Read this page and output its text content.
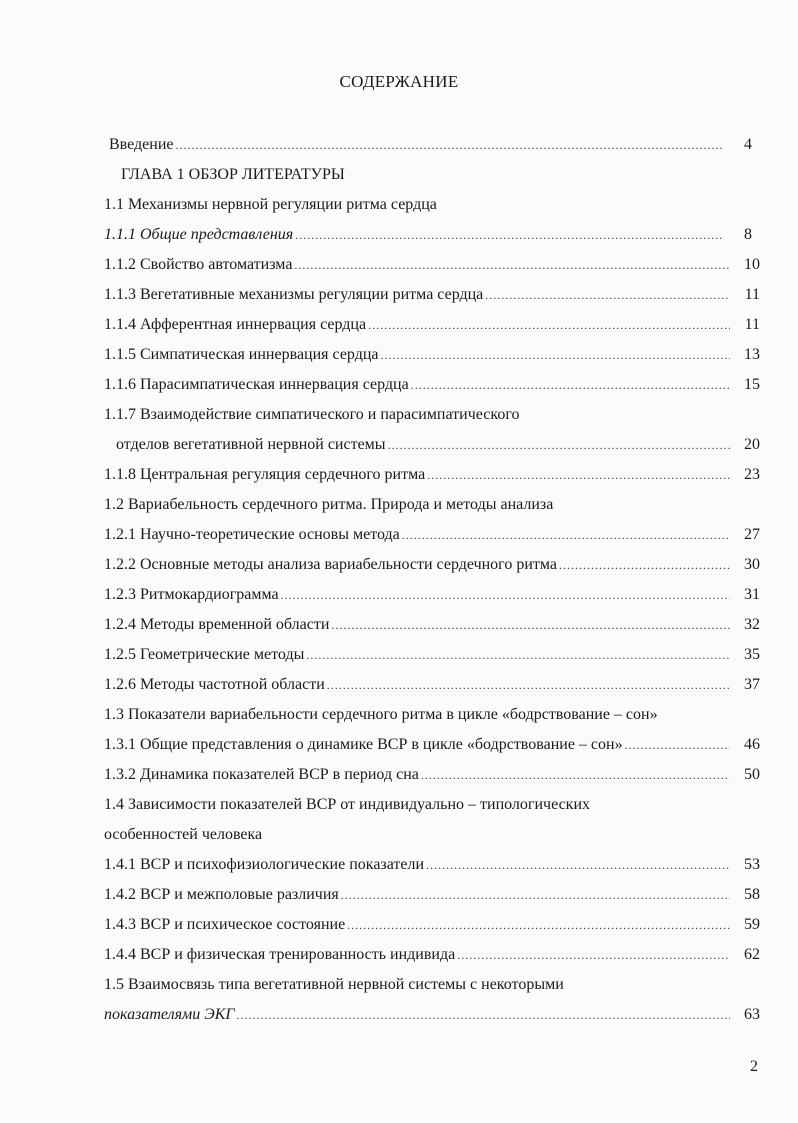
СОДЕРЖАНИЕ
Введение .....	4
ГЛАВА 1 ОБЗОР ЛИТЕРАТУРЫ
1.1 Механизмы нервной регуляции ритма сердца
1.1.1 Общие представления .....	8
1.1.2 Свойство автоматизма .....	10
1.1.3 Вегетативные механизмы регуляции ритма сердца .....	11
1.1.4 Афферентная иннервация сердца .....	11
1.1.5 Симпатическая иннервация сердца .....	13
1.1.6 Парасимпатическая иннервация сердца .....	15
1.1.7 Взаимодействие симпатического и парасимпатического
отделов вегетативной нервной системы .....	20
1.1.8 Центральная регуляция сердечного ритма .....	23
1.2 Вариабельность сердечного ритма. Природа и методы анализа
1.2.1 Научно-теоретические основы метода .....	27
1.2.2 Основные методы анализа вариабельности сердечного ритма .....	30
1.2.3 Ритмокардиограмма .....	31
1.2.4 Методы временной области .....	32
1.2.5 Геометрические методы .....	35
1.2.6 Методы частотной области .....	37
1.3 Показатели вариабельности сердечного ритма в цикле «бодрствование – сон»
1.3.1 Общие представления о динамике ВСР в цикле «бодрствование – сон» .....	46
1.3.2 Динамика показателей ВСР в период сна .....	50
1.4 Зависимости показателей ВСР от индивидуально – типологических
особенностей человека
1.4.1 ВСР и психофизиологические показатели .....	53
1.4.2 ВСР и межполовые различия .....	58
1.4.3 ВСР и психическое состояние .....	59
1.4.4 ВСР и физическая тренированность индивида .....	62
1.5 Взаимосвязь типа вегетативной нервной системы с некоторыми
показателями ЭКГ .....	63
2
